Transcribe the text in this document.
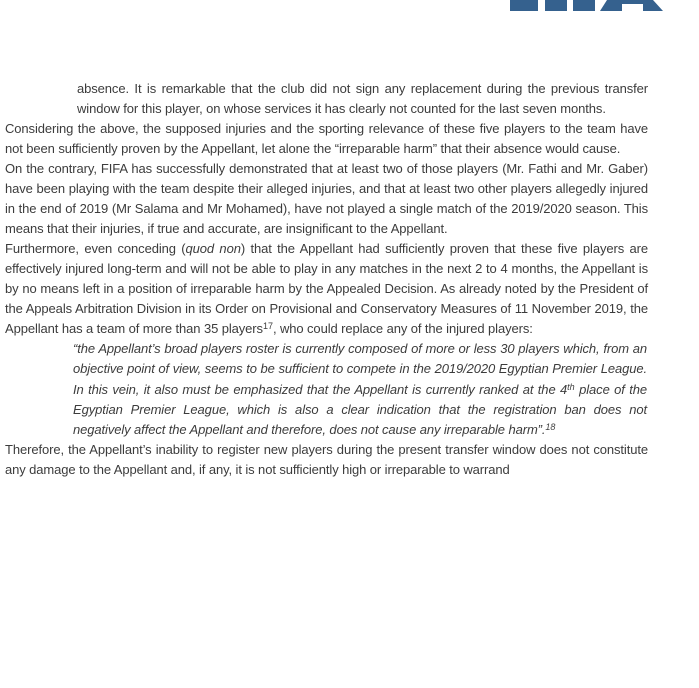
absence. It is remarkable that the club did not sign any replacement during the previous transfer window for this player, on whose services it has clearly not counted for the last seven months.

Considering the above, the supposed injuries and the sporting relevance of these five players to the team have not been sufficiently proven by the Appellant, let alone the “irreparable harm” that their absence would cause.

On the contrary, FIFA has successfully demonstrated that at least two of those players (Mr. Fathi and Mr. Gaber) have been playing with the team despite their alleged injuries, and that at least two other players allegedly injured in the end of 2019 (Mr Salama and Mr Mohamed), have not played a single match of the 2019/2020 season. This means that their injuries, if true and accurate, are insignificant to the Appellant.

Furthermore, even conceding (quod non) that the Appellant had sufficiently proven that these five players are effectively injured long-term and will not be able to play in any matches in the next 2 to 4 months, the Appellant is by no means left in a position of irreparable harm by the Appealed Decision. As already noted by the President of the Appeals Arbitration Division in its Order on Provisional and Conservatory Measures of 11 November 2019, the Appellant has a team of more than 35 players$^{17}$, who could replace any of the injured players:

“the Appellant’s broad players roster is currently composed of more or less 30 players which, from an objective point of view, seems to be sufficient to compete in the 2019/2020 Egyptian Premier League. In this vein, it also must be emphasized that the Appellant is currently ranked at the 4th place of the Egyptian Premier League, which is also a clear indication that the registration ban does not negatively affect the Appellant and therefore, does not cause any irreparable harm”.$^{18}$

Therefore, the Appellant’s inability to register new players during the present transfer window does not constitute any damage to the Appellant and, if any, it is not sufficiently high or irreparable to warrand
